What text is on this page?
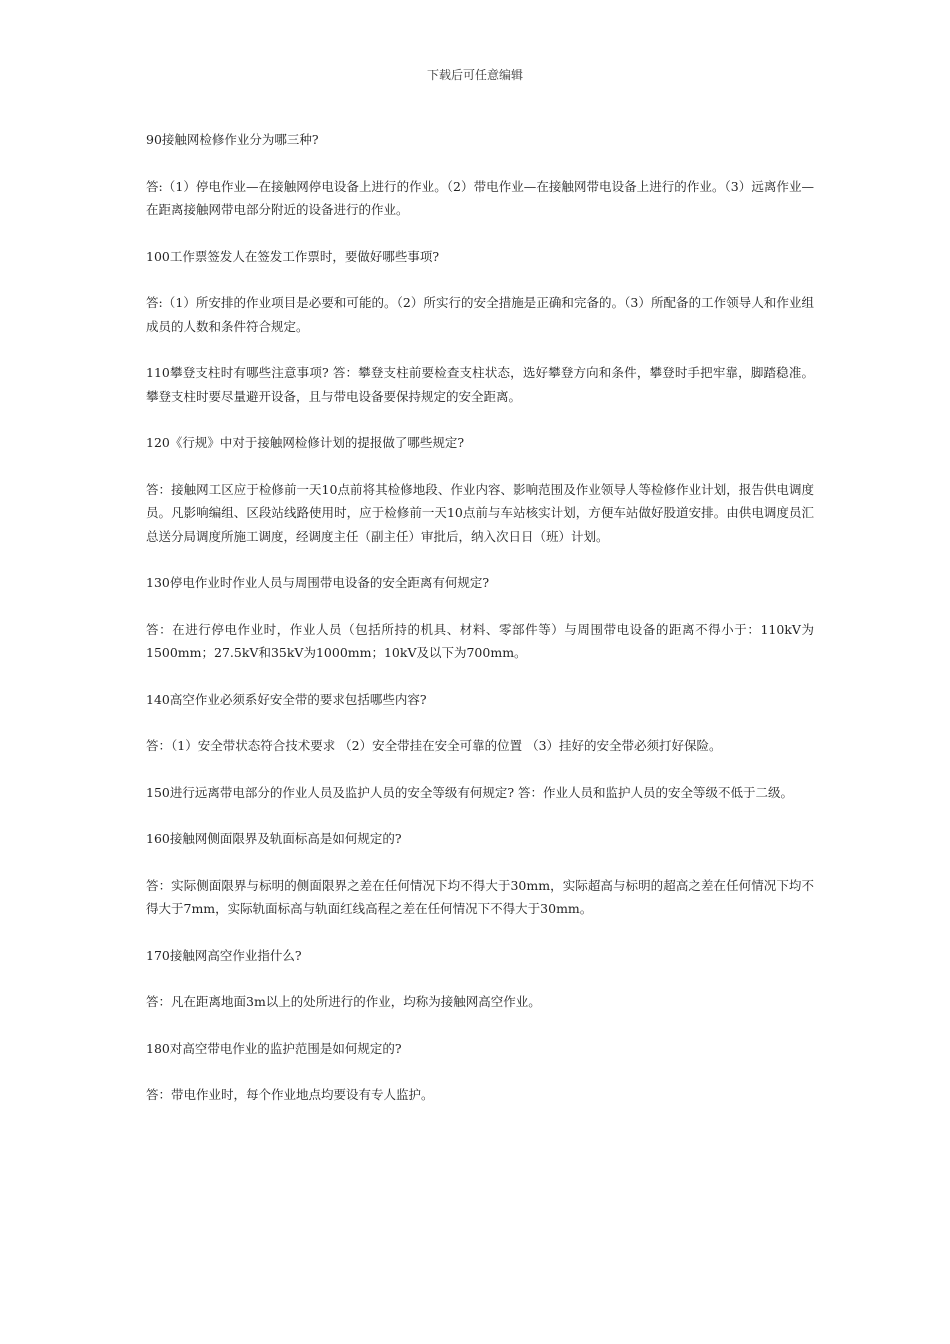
下载后可任意编辑

90接触网检修作业分为哪三种?

答:（1）停电作业—在接触网停电设备上进行的作业。（2）带电作业—在接触网带电设备上进行的作业。（3）远离作业—在距离接触网带电部分附近的设备进行的作业。

100工作票签发人在签发工作票时，要做好哪些事项?

答:（1）所安排的作业项目是必要和可能的。（2）所实行的安全措施是正确和完备的。（3）所配备的工作领导人和作业组成员的人数和条件符合规定。

110攀登支柱时有哪些注意事项? 答：攀登支柱前要检查支柱状态，选好攀登方向和条件，攀登时手把牢靠，脚踏稳准。攀登支柱时要尽量避开设备，且与带电设备要保持规定的安全距离。

120《行规》中对于接触网检修计划的提报做了哪些规定?

答：接触网工区应于检修前一天10点前将其检修地段、作业内容、影响范围及作业领导人等检修作业计划，报告供电调度员。凡影响编组、区段站线路使用时，应于检修前一天10点前与车站核实计划，方便车站做好股道安排。由供电调度员汇总送分局调度所施工调度，经调度主任（副主任）审批后，纳入次日日（班）计划。

130停电作业时作业人员与周围带电设备的安全距离有何规定?

答：在进行停电作业时，作业人员（包括所持的机具、材料、零部件等）与周围带电设备的距离不得小于：110kV为1500mm；27.5kV和35kV为1000mm；10kV及以下为700mm。

140高空作业必须系好安全带的要求包括哪些内容?

答：（1）安全带状态符合技术要求 （2）安全带挂在安全可靠的位置 （3）挂好的安全带必须打好保险。

150进行远离带电部分的作业人员及监护人员的安全等级有何规定? 答：作业人员和监护人员的安全等级不低于二级。

160接触网侧面限界及轨面标高是如何规定的?

答：实际侧面限界与标明的侧面限界之差在任何情况下均不得大于30mm，实际超高与标明的超高之差在任何情况下均不得大于7mm，实际轨面标高与轨面红线高程之差在任何情况下不得大于30mm。

170接触网高空作业指什么?

答：凡在距离地面3m以上的处所进行的作业，均称为接触网高空作业。

180对高空带电作业的监护范围是如何规定的?

答：带电作业时，每个作业地点均要设有专人监护。
